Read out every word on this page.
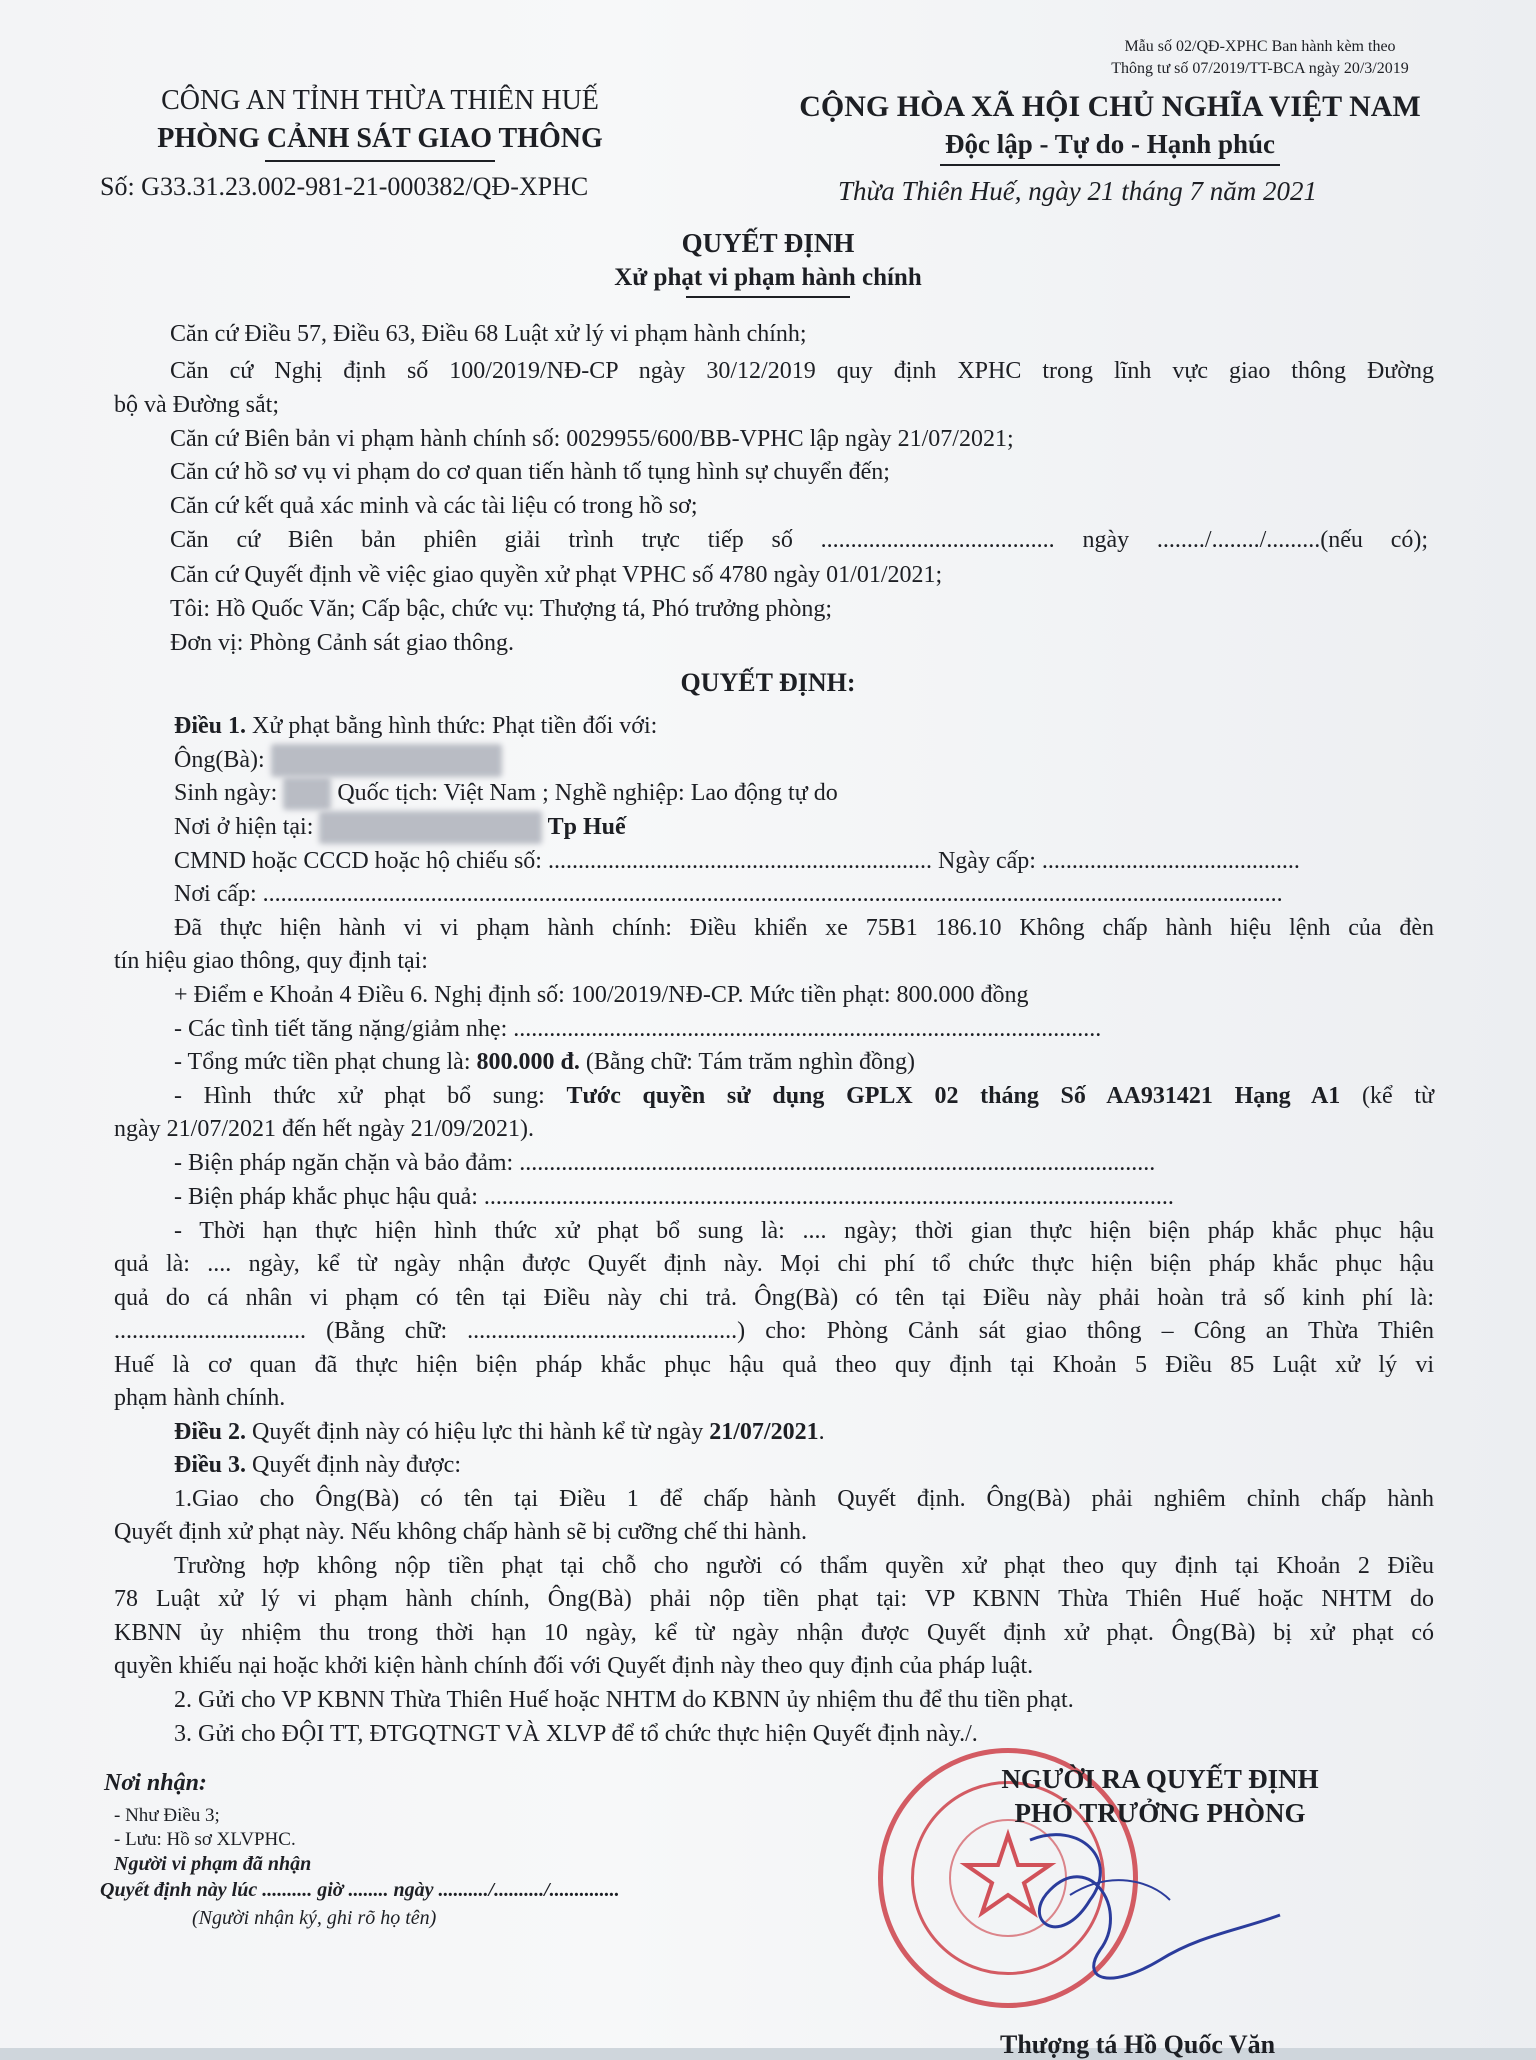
Mẫu số 02/QĐ-XPHC Ban hành kèm theo
Thông tư số 07/2019/TT-BCA ngày 20/3/2019
CÔNG AN TỈNH THỪA THIÊN HUẾ
PHÒNG CẢNH SÁT GIAO THÔNG
Số: G33.31.23.002-981-21-000382/QĐ-XPHC
CỘNG HÒA XÃ HỘI CHỦ NGHĨA VIỆT NAM
Độc lập - Tự do - Hạnh phúc
Thừa Thiên Huế, ngày 21 tháng 7 năm 2021
QUYẾT ĐỊNH
Xử phạt vi phạm hành chính
Căn cứ Điều 57, Điều 63, Điều 68 Luật xử lý vi phạm hành chính;
Căn cứ Nghị định số 100/2019/NĐ-CP ngày 30/12/2019 quy định XPHC trong lĩnh vực giao thông Đường
bộ và Đường sắt;
Căn cứ Biên bản vi phạm hành chính số: 0029955/600/BB-VPHC lập ngày 21/07/2021;
Căn cứ hồ sơ vụ vi phạm do cơ quan tiến hành tố tụng hình sự chuyển đến;
Căn cứ kết quả xác minh và các tài liệu có trong hồ sơ;
Căn cứ Biên bản phiên giải trình trực tiếp số ....................................... ngày ......../......../.........(nếu có);
Căn cứ Quyết định về việc giao quyền xử phạt VPHC số 4780 ngày 01/01/2021;
Tôi: Hồ Quốc Văn; Cấp bậc, chức vụ: Thượng tá, Phó trưởng phòng;
Đơn vị: Phòng Cảnh sát giao thông.
QUYẾT ĐỊNH:
Điều 1. Xử phạt bằng hình thức: Phạt tiền đối với:
Ông(Bà):
Sinh ngày:  Quốc tịch: Việt Nam ; Nghề nghiệp: Lao động tự do
Nơi ở hiện tại:	Tp Huế
CMND hoặc CCCD hoặc hộ chiếu số: ................................................................ Ngày cấp: ...........................................
Nơi cấp: ..........................................................................................................................................................................
Đã thực hiện hành vi vi phạm hành chính: Điều khiển xe 75B1 186.10 Không chấp hành hiệu lệnh của đèn
tín hiệu giao thông, quy định tại:
+ Điểm e Khoản 4 Điều 6. Nghị định số: 100/2019/NĐ-CP. Mức tiền phạt: 800.000 đồng
- Các tình tiết tăng nặng/giảm nhẹ: ..................................................................................................
- Tổng mức tiền phạt chung là: 800.000 đ. (Bằng chữ: Tám trăm nghìn đồng)
- Hình thức xử phạt bổ sung: Tước quyền sử dụng GPLX 02 tháng Số AA931421 Hạng A1 (kể từ
ngày 21/07/2021 đến hết ngày 21/09/2021).
- Biện pháp ngăn chặn và bảo đảm: ..........................................................................................................
- Biện pháp khắc phục hậu quả: ...................................................................................................................
- Thời hạn thực hiện hình thức xử phạt bổ sung là: .... ngày; thời gian thực hiện biện pháp khắc phục hậu
quả là: .... ngày, kể từ ngày nhận được Quyết định này. Mọi chi phí tổ chức thực hiện biện pháp khắc phục hậu
quả do cá nhân vi phạm có tên tại Điều này chi trả. Ông(Bà) có tên tại Điều này phải hoàn trả số kinh phí là:
................................ (Bằng chữ: .............................................) cho: Phòng Cảnh sát giao thông – Công an Thừa Thiên
Huế là cơ quan đã thực hiện biện pháp khắc phục hậu quả theo quy định tại Khoản 5 Điều 85 Luật xử lý vi
phạm hành chính.
Điều 2. Quyết định này có hiệu lực thi hành kể từ ngày 21/07/2021.
Điều 3. Quyết định này được:
1.Giao cho Ông(Bà) có tên tại Điều 1 để chấp hành Quyết định. Ông(Bà) phải nghiêm chỉnh chấp hành
Quyết định xử phạt này. Nếu không chấp hành sẽ bị cưỡng chế thi hành.
Trường hợp không nộp tiền phạt tại chỗ cho người có thẩm quyền xử phạt theo quy định tại Khoản 2 Điều
78 Luật xử lý vi phạm hành chính, Ông(Bà) phải nộp tiền phạt tại: VP KBNN Thừa Thiên Huế hoặc NHTM do
KBNN ủy nhiệm thu trong thời hạn 10 ngày, kể từ ngày nhận được Quyết định xử phạt. Ông(Bà) bị xử phạt có
quyền khiếu nại hoặc khởi kiện hành chính đối với Quyết định này theo quy định của pháp luật.
2. Gửi cho VP KBNN Thừa Thiên Huế hoặc NHTM do KBNN ủy nhiệm thu để thu tiền phạt.
3. Gửi cho ĐỘI TT, ĐTGQTNGT VÀ XLVP để tổ chức thực hiện Quyết định này./.
Nơi nhận:
- Như Điều 3;
- Lưu: Hồ sơ XLVPHC.
Người vi phạm đã nhận
Quyết định này lúc .......... giờ ........ ngày ........../........../..............
(Người nhận ký, ghi rõ họ tên)
NGƯỜI RA QUYẾT ĐỊNH
PHÓ TRƯỞNG PHÒNG
Thượng tá Hồ Quốc Văn
